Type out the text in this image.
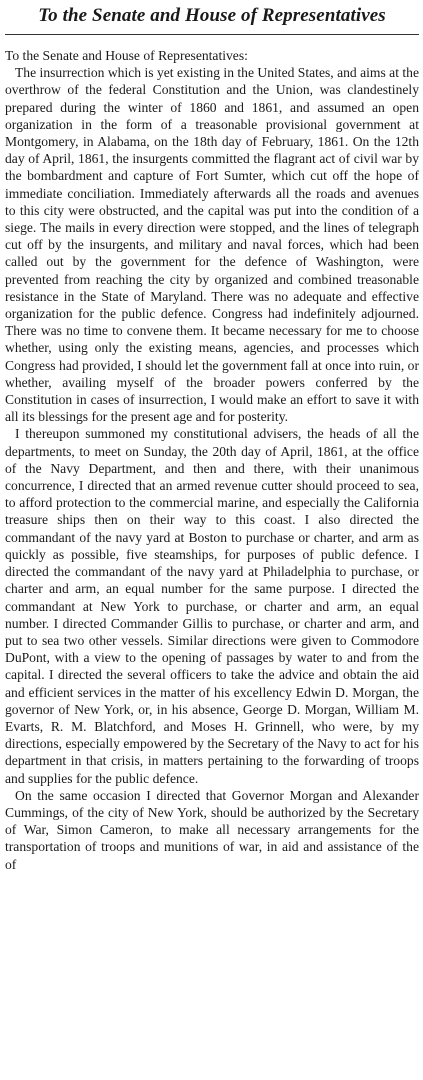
To the Senate and House of Representatives

To the Senate and House of Representatives:

The insurrection which is yet existing in the United States, and aims at the overthrow of the federal Constitution and the Union, was clandestinely prepared during the winter of 1860 and 1861, and assumed an open organization in the form of a treasonable provisional government at Montgomery, in Alabama, on the 18th day of February, 1861. On the 12th day of April, 1861, the insurgents committed the flagrant act of civil war by the bombardment and capture of Fort Sumter, which cut off the hope of immediate conciliation. Immediately afterwards all the roads and avenues to this city were obstructed, and the capital was put into the condition of a siege. The mails in every direction were stopped, and the lines of telegraph cut off by the insurgents, and military and naval forces, which had been called out by the government for the defence of Washington, were prevented from reaching the city by organized and combined treasonable resistance in the State of Maryland. There was no adequate and effective organization for the public defence. Congress had indefinitely adjourned. There was no time to convene them. It became necessary for me to choose whether, using only the existing means, agencies, and processes which Congress had provided, I should let the government fall at once into ruin, or whether, availing myself of the broader powers conferred by the Constitution in cases of insurrection, I would make an effort to save it with all its blessings for the present age and for posterity.

I thereupon summoned my constitutional advisers, the heads of all the departments, to meet on Sunday, the 20th day of April, 1861, at the office of the Navy Department, and then and there, with their unanimous concurrence, I directed that an armed revenue cutter should proceed to sea, to afford protection to the commercial marine, and especially the California treasure ships then on their way to this coast. I also directed the commandant of the navy yard at Boston to purchase or charter, and arm as quickly as possible, five steamships, for purposes of public defence. I directed the commandant of the navy yard at Philadelphia to purchase, or charter and arm, an equal number for the same purpose. I directed the commandant at New York to purchase, or charter and arm, an equal number. I directed Commander Gillis to purchase, or charter and arm, and put to sea two other vessels. Similar directions were given to Commodore DuPont, with a view to the opening of passages by water to and from the capital. I directed the several officers to take the advice and obtain the aid and efficient services in the matter of his excellency Edwin D. Morgan, the governor of New York, or, in his absence, George D. Morgan, William M. Evarts, R. M. Blatchford, and Moses H. Grinnell, who were, by my directions, especially empowered by the Secretary of the Navy to act for his department in that crisis, in matters pertaining to the forwarding of troops and supplies for the public defence.

On the same occasion I directed that Governor Morgan and Alexander Cummings, of the city of New York, should be authorized by the Secretary of War, Simon Cameron, to make all necessary arrangements for the transportation of troops and munitions of war, in aid and assistance of the of
